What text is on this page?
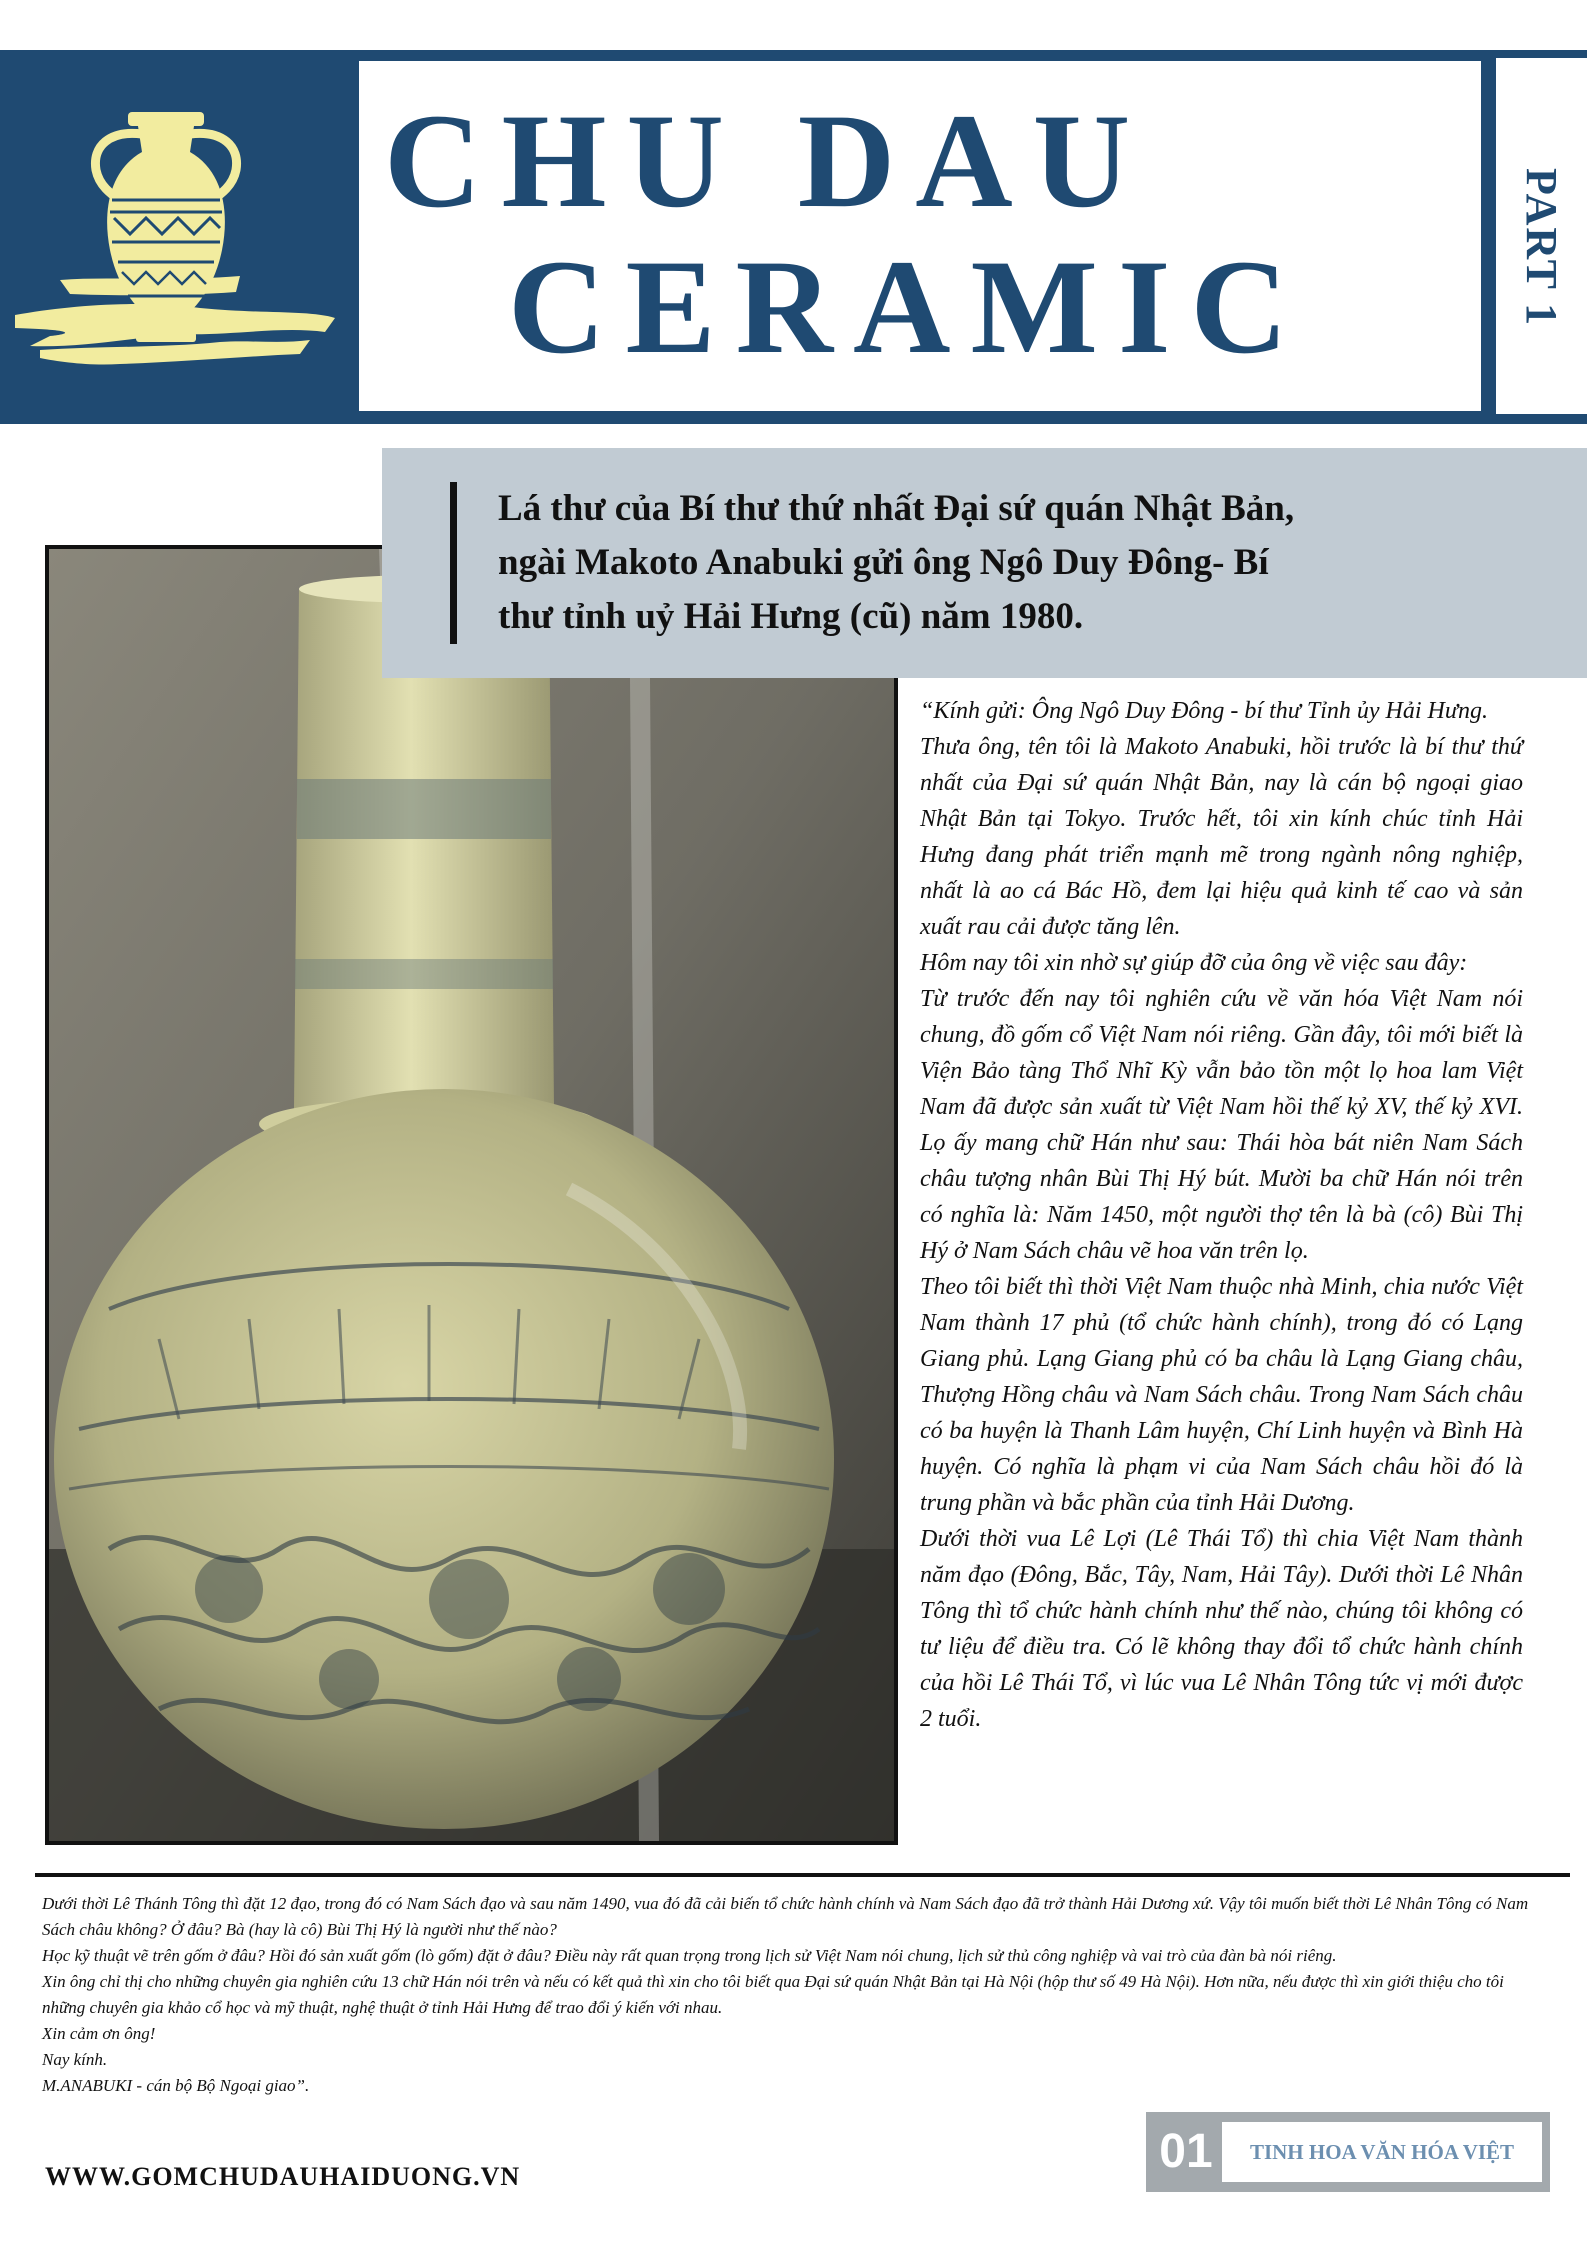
CHU DAU
CERAMIC	PART 1
Lá thư của Bí thư thứ nhất Đại sứ quán Nhật Bản,
ngài Makoto Anabuki gửi ông Ngô Duy Đông- Bí
thư tỉnh uỷ Hải Hưng (cũ) năm 1980.

“Kính gửi: Ông Ngô Duy Đông - bí thư Tỉnh ủy Hải Hưng.

Thưa ông, tên tôi là Makoto Anabuki, hồi trước là bí thư thứ nhất của Đại sứ quán Nhật Bản, nay là cán bộ ngoại giao Nhật Bản tại Tokyo. Trước hết, tôi xin kính chúc tỉnh Hải Hưng đang phát triển mạnh mẽ trong ngành nông nghiệp, nhất là ao cá Bác Hồ, đem lại hiệu quả kinh tế cao và sản xuất rau cải được tăng lên.

Hôm nay tôi xin nhờ sự giúp đỡ của ông về việc sau đây:

Từ trước đến nay tôi nghiên cứu về văn hóa Việt Nam nói chung, đồ gốm cổ Việt Nam nói riêng. Gần đây, tôi mới biết là Viện Bảo tàng Thổ Nhĩ Kỳ vẫn bảo tồn một lọ hoa lam Việt Nam đã được sản xuất từ Việt Nam hồi thế kỷ XV, thế kỷ XVI. Lọ ấy mang chữ Hán như sau: Thái hòa bát niên Nam Sách châu tượng nhân Bùi Thị Hý bút. Mười ba chữ Hán nói trên có nghĩa là: Năm 1450, một người thợ tên là bà (cô) Bùi Thị Hý ở Nam Sách châu vẽ hoa văn trên lọ.

Theo tôi biết thì thời Việt Nam thuộc nhà Minh, chia nước Việt Nam thành 17 phủ (tổ chức hành chính), trong đó có Lạng Giang phủ. Lạng Giang phủ có ba châu là Lạng Giang châu, Thượng Hồng châu và Nam Sách châu. Trong Nam Sách châu có ba huyện là Thanh Lâm huyện, Chí Linh huyện và Bình Hà huyện. Có nghĩa là phạm vi của Nam Sách châu hồi đó là trung phần và bắc phần của tỉnh Hải Dương.

Dưới thời vua Lê Lợi (Lê Thái Tổ) thì chia Việt Nam thành năm đạo (Đông, Bắc, Tây, Nam, Hải Tây). Dưới thời Lê Nhân Tông thì tổ chức hành chính như thế nào, chúng tôi không có tư liệu để điều tra. Có lẽ không thay đổi tổ chức hành chính của hồi Lê Thái Tổ, vì lúc vua Lê Nhân Tông tức vị mới được 2 tuổi.

Dưới thời Lê Thánh Tông thì đặt 12 đạo, trong đó có Nam Sách đạo và sau năm 1490, vua đó đã cải biến tổ chức hành chính và Nam Sách đạo đã trở thành Hải Dương xứ. Vậy tôi muốn biết thời Lê Nhân Tông có Nam Sách châu không? Ở đâu? Bà (hay là cô) Bùi Thị Hý là người như thế nào?

Học kỹ thuật vẽ trên gốm ở đâu? Hồi đó sản xuất gốm (lò gốm) đặt ở đâu? Điều này rất quan trọng trong lịch sử Việt Nam nói chung, lịch sử thủ công nghiệp và vai trò của đàn bà nói riêng.

Xin ông chỉ thị cho những chuyên gia nghiên cứu 13 chữ Hán nói trên và nếu có kết quả thì xin cho tôi biết qua Đại sứ quán Nhật Bản tại Hà Nội (hộp thư số 49 Hà Nội). Hơn nữa, nếu được thì xin giới thiệu cho tôi những chuyên gia khảo cổ học và mỹ thuật, nghệ thuật ở tỉnh Hải Hưng để trao đổi ý kiến với nhau.

Xin cảm ơn ông!

Nay kính.

M.ANABUKI - cán bộ Bộ Ngoại giao”.

WWW.GOMCHUDAUHAIDUONG.VN	01	TINH HOA VĂN HÓA VIỆT
